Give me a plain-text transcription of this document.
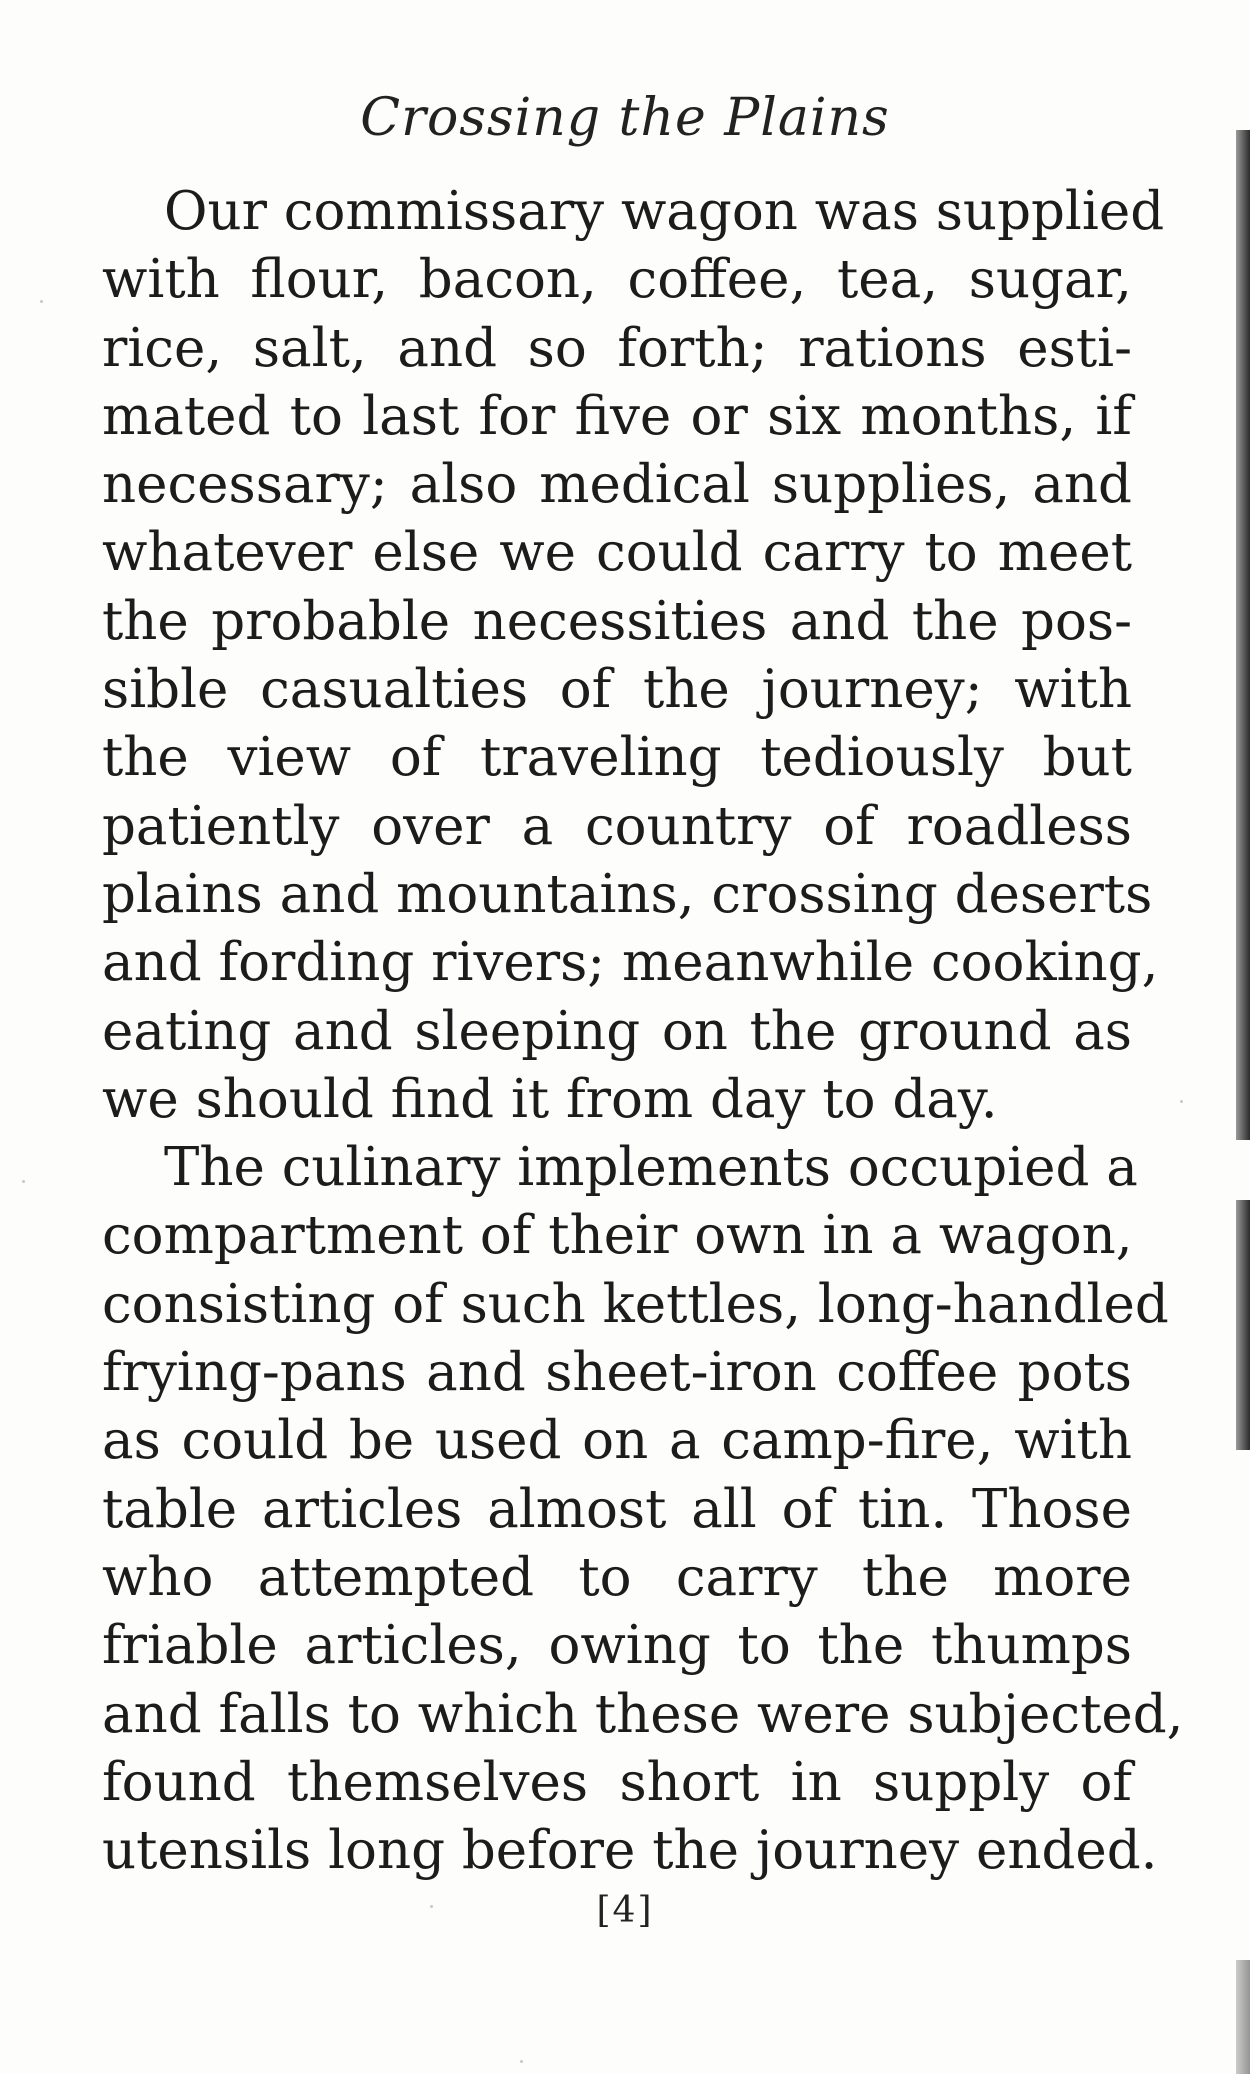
Crossing the Plains
Our commissary wagon was supplied
with flour, bacon, coffee, tea, sugar,
rice, salt, and so forth; rations esti-
mated to last for five or six months, if
necessary; also medical supplies, and
whatever else we could carry to meet
the probable necessities and the pos-
sible casualties of the journey; with
the view of traveling tediously but
patiently over a country of roadless
plains and mountains, crossing deserts
and fording rivers; meanwhile cooking,
eating and sleeping on the ground as
we should find it from day to day.
The culinary implements occupied a
compartment of their own in a wagon,
consisting of such kettles, long-handled
frying-pans and sheet-iron coffee pots
as could be used on a camp-fire, with
table articles almost all of tin. Those
who attempted to carry the more
friable articles, owing to the thumps
and falls to which these were subjected,
found themselves short in supply of
utensils long before the journey ended.
[4]
